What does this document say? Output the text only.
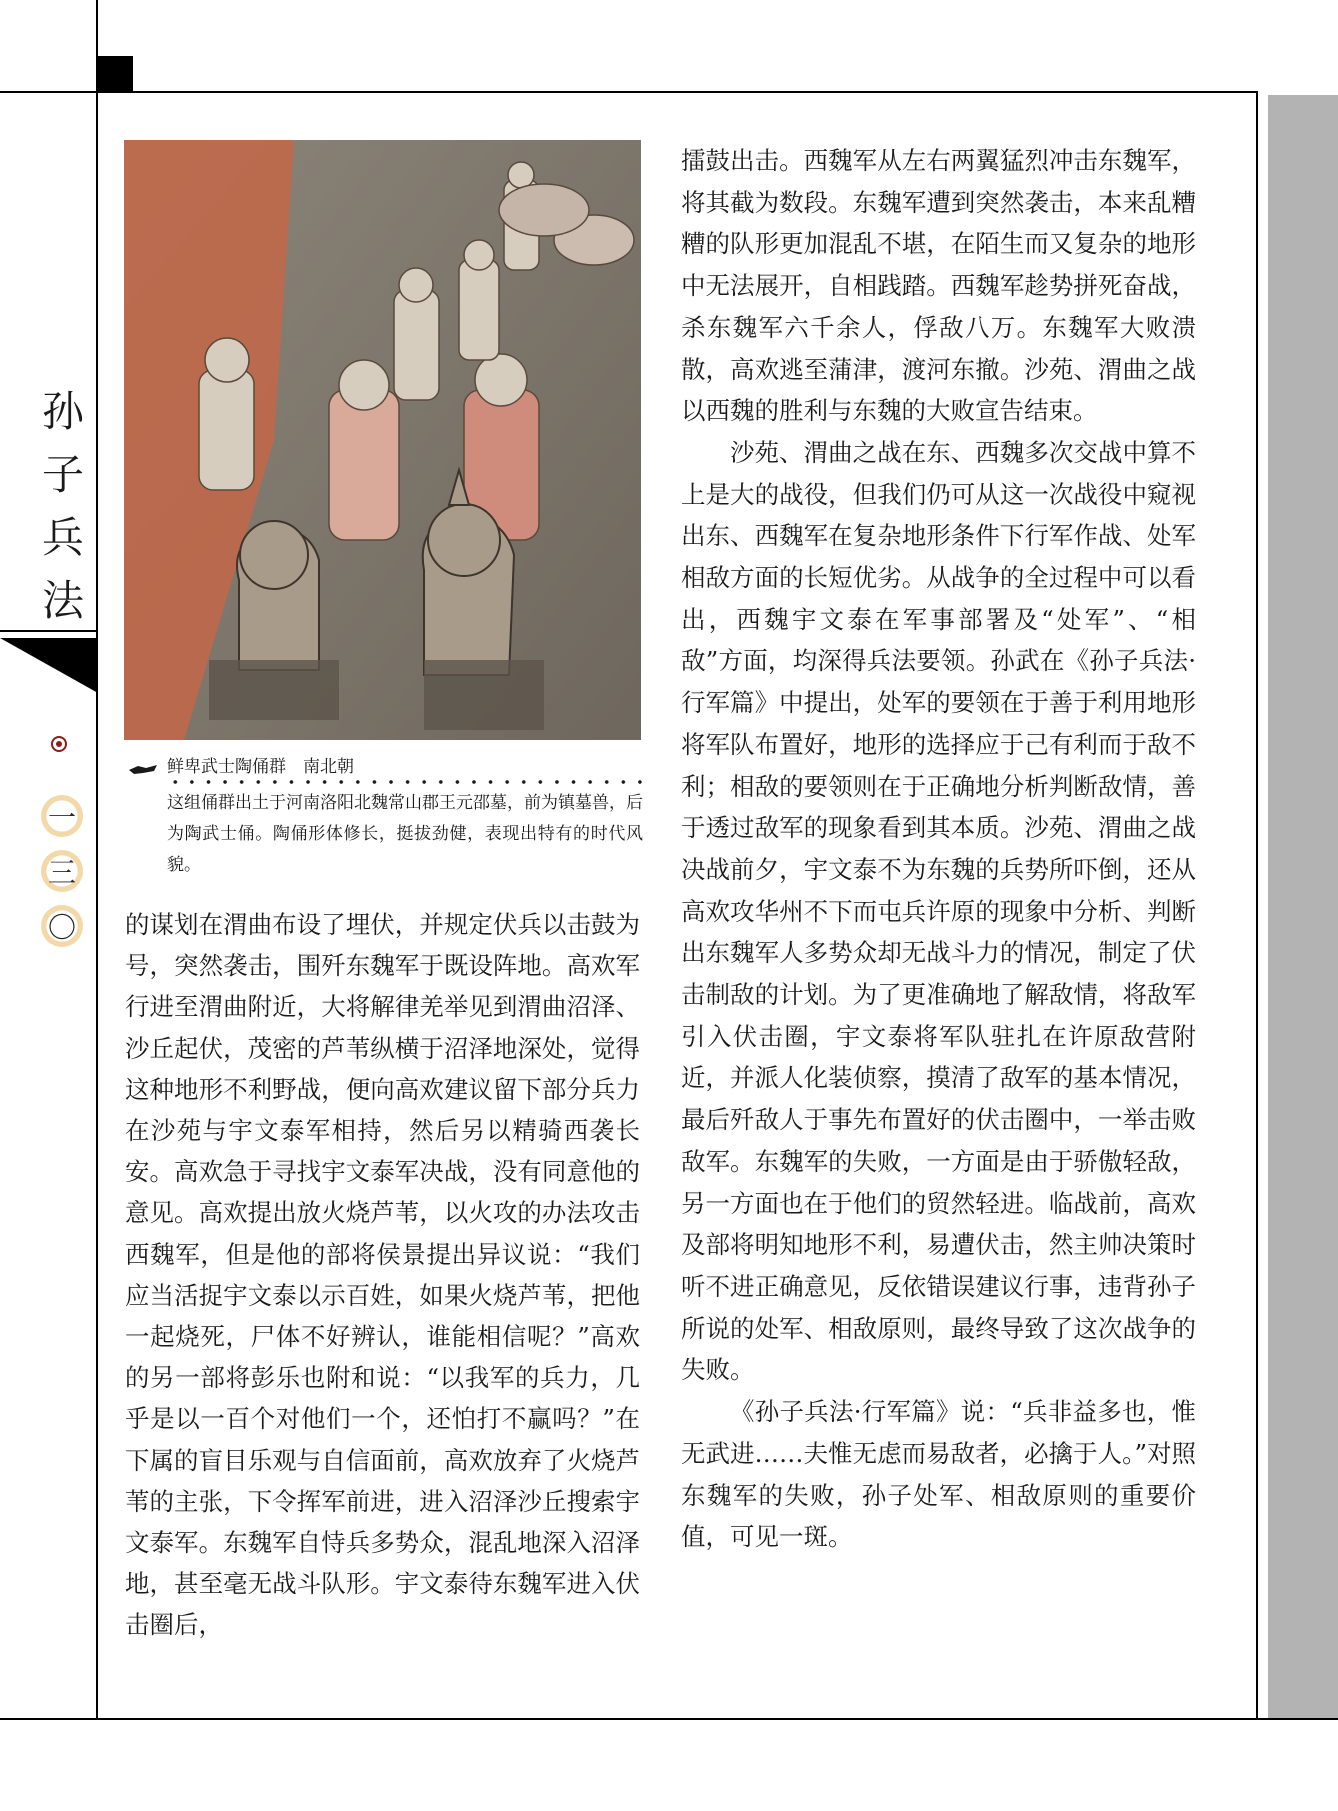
孙子兵法
一
三
〇
鲜卑武士陶俑群　南北朝
这组俑群出土于河南洛阳北魏常山郡王元邵墓，前为镇墓兽，后为陶武士俑。陶俑形体修长，挺拔劲健，表现出特有的时代风貌。

的谋划在渭曲布设了埋伏，并规定伏兵以击鼓为号，突然袭击，围歼东魏军于既设阵地。高欢军行进至渭曲附近，大将解律羌举见到渭曲沼泽、沙丘起伏，茂密的芦苇纵横于沼泽地深处，觉得这种地形不利野战，便向高欢建议留下部分兵力在沙苑与宇文泰军相持，然后另以精骑西袭长安。高欢急于寻找宇文泰军决战，没有同意他的意见。高欢提出放火烧芦苇，以火攻的办法攻击西魏军，但是他的部将侯景提出异议说：“我们应当活捉宇文泰以示百姓，如果火烧芦苇，把他一起烧死，尸体不好辨认，谁能相信呢？”高欢的另一部将彭乐也附和说：“以我军的兵力，几乎是以一百个对他们一个，还怕打不赢吗？”在下属的盲目乐观与自信面前，高欢放弃了火烧芦苇的主张，下令挥军前进，进入沼泽沙丘搜索宇文泰军。东魏军自恃兵多势众，混乱地深入沼泽地，甚至毫无战斗队形。宇文泰待东魏军进入伏击圈后，

擂鼓出击。西魏军从左右两翼猛烈冲击东魏军，将其截为数段。东魏军遭到突然袭击，本来乱糟糟的队形更加混乱不堪，在陌生而又复杂的地形中无法展开，自相践踏。西魏军趁势拼死奋战，杀东魏军六千余人，俘敌八万。东魏军大败溃散，高欢逃至蒲津，渡河东撤。沙苑、渭曲之战以西魏的胜利与东魏的大败宣告结束。

沙苑、渭曲之战在东、西魏多次交战中算不上是大的战役，但我们仍可从这一次战役中窥视出东、西魏军在复杂地形条件下行军作战、处军相敌方面的长短优劣。从战争的全过程中可以看出，西魏宇文泰在军事部署及“处军”、“相敌”方面，均深得兵法要领。孙武在《孙子兵法·行军篇》中提出，处军的要领在于善于利用地形将军队布置好，地形的选择应于己有利而于敌不利；相敌的要领则在于正确地分析判断敌情，善于透过敌军的现象看到其本质。沙苑、渭曲之战决战前夕，宇文泰不为东魏的兵势所吓倒，还从高欢攻华州不下而屯兵许原的现象中分析、判断出东魏军人多势众却无战斗力的情况，制定了伏击制敌的计划。为了更准确地了解敌情，将敌军引入伏击圈，宇文泰将军队驻扎在许原敌营附近，并派人化装侦察，摸清了敌军的基本情况，最后歼敌人于事先布置好的伏击圈中，一举击败敌军。东魏军的失败，一方面是由于骄傲轻敌，另一方面也在于他们的贸然轻进。临战前，高欢及部将明知地形不利，易遭伏击，然主帅决策时听不进正确意见，反依错误建议行事，违背孙子所说的处军、相敌原则，最终导致了这次战争的失败。

《孙子兵法·行军篇》说：“兵非益多也，惟无武进……夫惟无虑而易敌者，必擒于人。”对照东魏军的失败，孙子处军、相敌原则的重要价值，可见一斑。
